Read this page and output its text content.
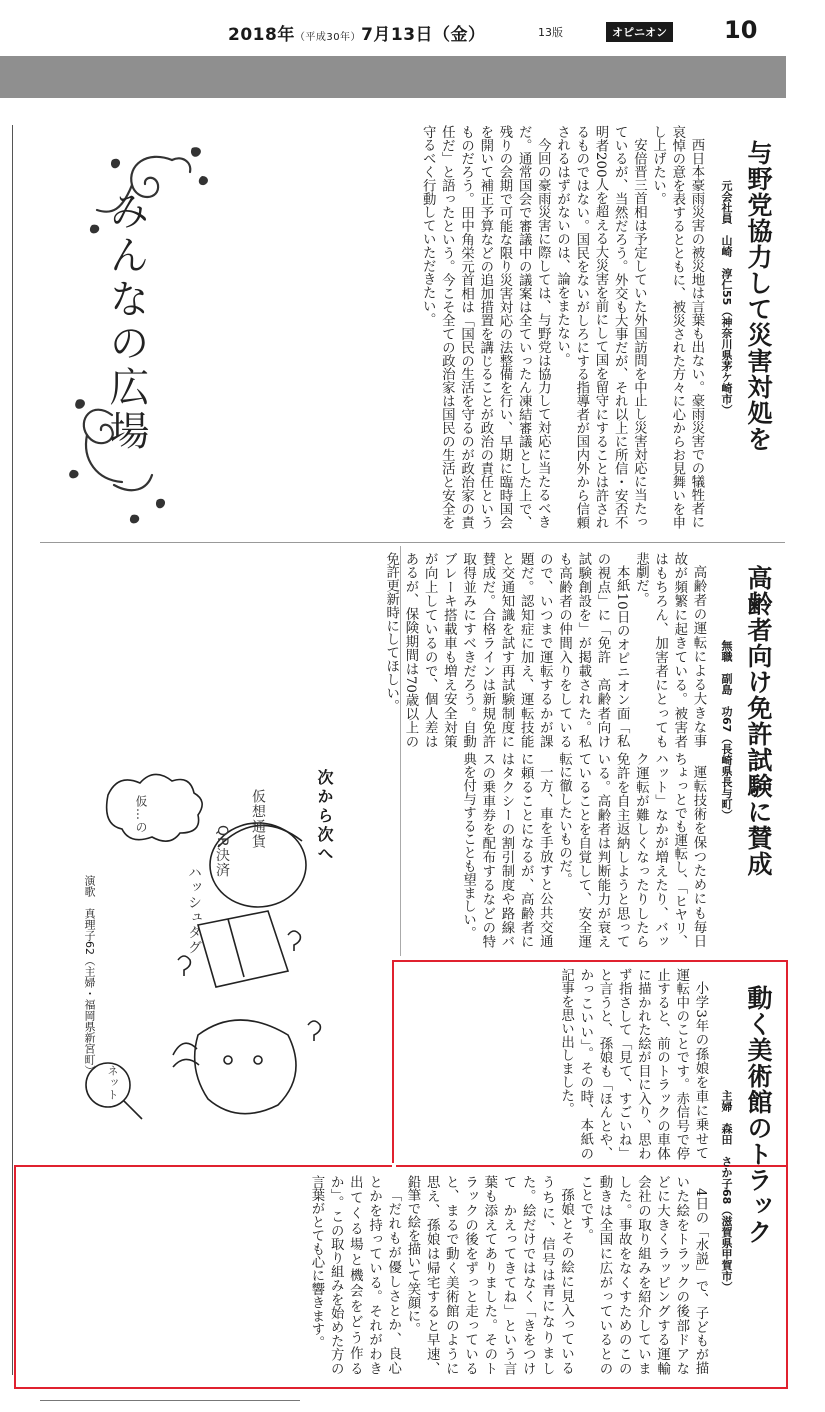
2018年（平成30年）7月13日（金）	13版	オピニオン 10
みんなの広場	与野党協力して災害対処を
元会社員　山崎　淳仁55（神奈川県茅ケ崎市）

西日本豪雨災害の被災地は言葉も出ない。豪雨災害での犠牲者に哀悼の意を表するとともに、被災された方々に心からお見舞いを申し上げたい。

安倍晋三首相は予定していた外国訪問を中止し災害対応に当たっているが、当然だろう。外交も大事だが、それ以上に所信・安否不明者200人を超える大災害を前にして国を留守にすることは許されるものではない。国民をないがしろにする指導者が国内外から信頼されるはずがないのは、論をまたない。

今回の豪雨災害に際しては、与野党は協力して対応に当たるべきだ。通常国会で審議中の議案は全ていったん凍結審議とした上で、残りの会期で可能な限り災害対応の法整備を行い、早期に臨時国会を開いて補正予算などの追加措置を講じることが政治の責任というものだろう。田中角栄元首相は「国民の生活を守るのが政治家の責任だ」と語ったという。今こそ全ての政治家は国民の生活と安全を守るべく行動していただきたい。

高齢者向け免許試験に賛成
無職　副島　功67（長崎県長与町）

高齢者の運転による大きな事故が頻繁に起きている。被害者はもちろん、加害者にとっても悲劇だ。

本紙10日のオピニオン面「私の視点」に「免許　高齢者向け試験創設を」が掲載された。私も高齢者の仲間入りをしているので、いつまで運転するかが課題だ。認知症に加え、運転技能と交通知識を試す再試験制度に賛成だ。合格ラインは新規免許取得並みにすべきだろう。自動ブレーキ搭載車も増え安全対策が向上しているので、個人差はあるが、保険期間は70歳以上の免許更新時にしてほしい。

運転技術を保つためにも毎日ちょっとでも運転し、「ヒヤリ、ハット」なかが増えたり、バック運転が難しくなったりしたら免許を自主返納しようと思っている。高齢者は判断能力が衰えていることを自覚して、安全運転に徹したいものだ。

一方、車を手放すと公共交通に頼ることになるが、高齢者にはタクシーの割引制度や路線バスの乗車券を配布するなどの特典を付与することも望ましい。

次から次へ
仮想通貨
QR決済
ハッシュタグ
仮…の
ネット
演歌　真理子62（主婦・福岡県新宮町）
動く美術館のトラック
主婦　森田　さか子68（滋賀県甲賀市）

小学3年の孫娘を車に乗せて運転中のことです。赤信号で停止すると、前のトラックの車体に描かれた絵が目に入り、思わず指さして「見て、すごいね」と言うと、孫娘も「ほんとや、かっこいい」。その時、本紙の記事を思い出しました。

4日の「水説」で、子どもが描いた絵をトラックの後部ドアなどに大きくラッピングする運輸会社の取り組みを紹介していました。事故をなくすためのこの動きは全国に広がっているとのことです。

孫娘とその絵に見入っているうちに、信号は青になりました。絵だけではなく「きをつけて　かえってきてね」という言葉も添えてありました。そのトラックの後をずっと走っていると、まるで動く美術館のように思え、孫娘は帰宅すると早速、鉛筆で絵を描いて笑顔に。

「だれもが優しさとか、良心とかを持っている。それがわき出てくる場と機会をどう作るか」。この取り組みを始めた方の言葉がとても心に響きます。
